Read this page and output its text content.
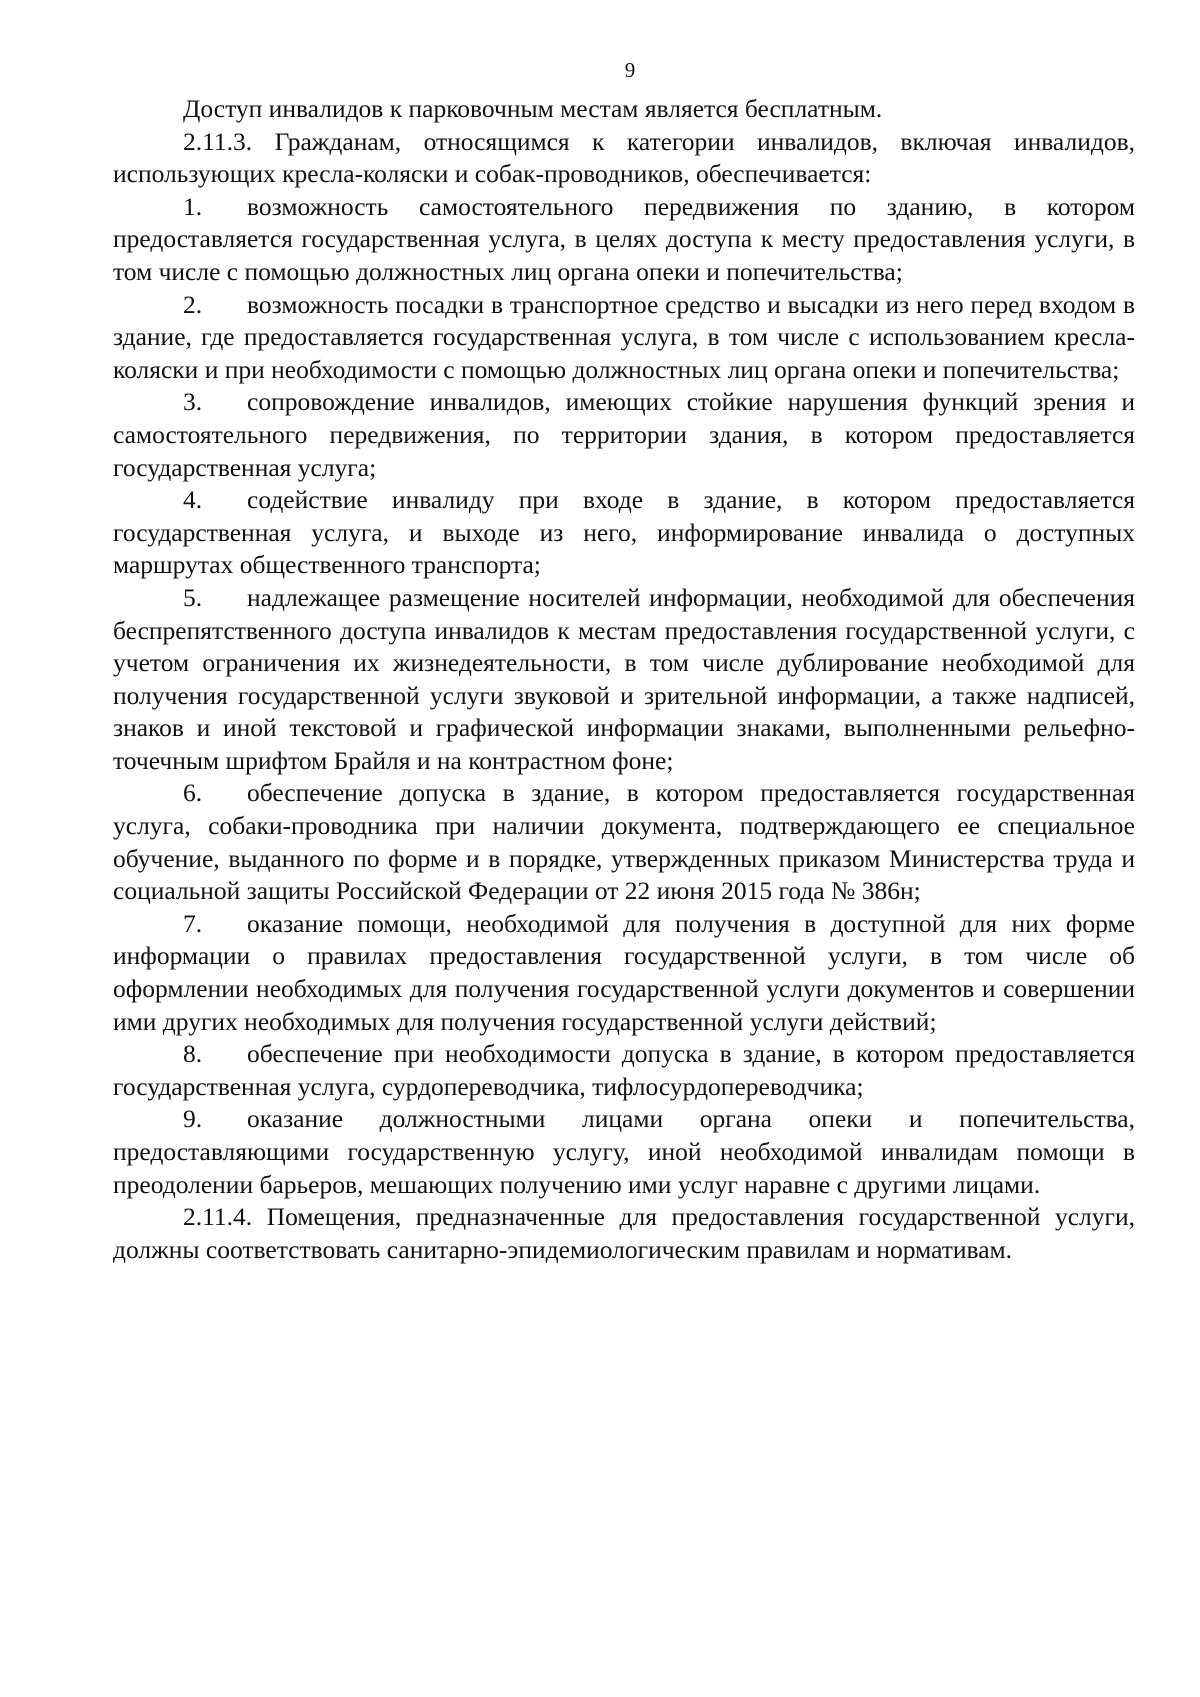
9

Доступ инвалидов к парковочным местам является бесплатным.

2.11.3. Гражданам, относящимся к категории инвалидов, включая инвалидов, использующих кресла-коляски и собак-проводников, обеспечивается:

1. возможность самостоятельного передвижения по зданию, в котором предоставляется государственная услуга, в целях доступа к месту предоставления услуги, в том числе с помощью должностных лиц органа опеки и попечительства;

2. возможность посадки в транспортное средство и высадки из него перед входом в здание, где предоставляется государственная услуга, в том числе с использованием кресла-коляски и при необходимости с помощью должностных лиц органа опеки и попечительства;

3. сопровождение инвалидов, имеющих стойкие нарушения функций зрения и самостоятельного передвижения, по территории здания, в котором предоставляется государственная услуга;

4. содействие инвалиду при входе в здание, в котором предоставляется государственная услуга, и выходе из него, информирование инвалида о доступных маршрутах общественного транспорта;

5. надлежащее размещение носителей информации, необходимой для обеспечения беспрепятственного доступа инвалидов к местам предоставления государственной услуги, с учетом ограничения их жизнедеятельности, в том числе дублирование необходимой для получения государственной услуги звуковой и зрительной информации, а также надписей, знаков и иной текстовой и графической информации знаками, выполненными рельефно-точечным шрифтом Брайля и на контрастном фоне;

6. обеспечение допуска в здание, в котором предоставляется государственная услуга, собаки-проводника при наличии документа, подтверждающего ее специальное обучение, выданного по форме и в порядке, утвержденных приказом Министерства труда и социальной защиты Российской Федерации от 22 июня 2015 года № 386н;

7. оказание помощи, необходимой для получения в доступной для них форме информации о правилах предоставления государственной услуги, в том числе об оформлении необходимых для получения государственной услуги документов и совершении ими других необходимых для получения государственной услуги действий;

8. обеспечение при необходимости допуска в здание, в котором предоставляется государственная услуга, сурдопереводчика, тифлосурдопереводчика;

9. оказание должностными лицами органа опеки и попечительства, предоставляющими государственную услугу, иной необходимой инвалидам помощи в преодолении барьеров, мешающих получению ими услуг наравне с другими лицами.

2.11.4. Помещения, предназначенные для предоставления государственной услуги, должны соответствовать санитарно-эпидемиологическим правилам и нормативам.
